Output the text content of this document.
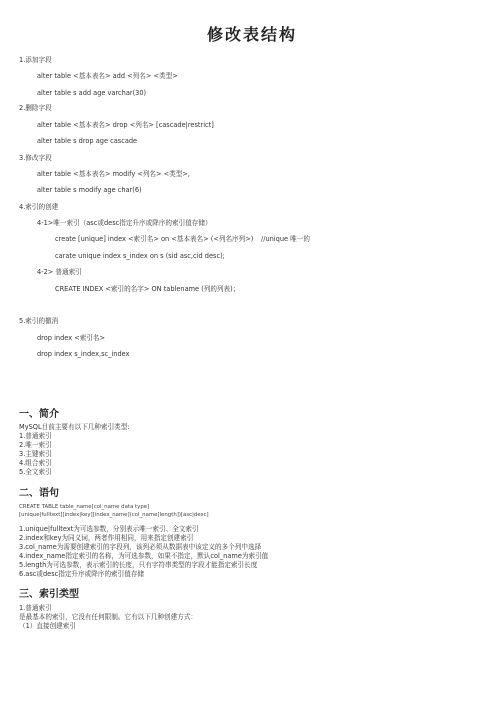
修改表结构
1.添加字段
alter table <基本表名> add <列名> <类型>
alter table s add age varchar(30)
2.删除字段
alter table <基本表名> drop <列名> [cascade|restrict]
alter table s drop age cascade
3.修改字段
alter table <基本表名> modify <列名> <类型>,
alter table s modify age char(6)
4.索引的创建
4-1>唯一索引（asc或desc指定升序或降序的索引值存储）
create [unique] index <索引名> on <基本表名> (<列名序列>) //unique 唯一的
carate unique index s_index on s (sid asc,cid desc);
4-2> 普通索引
CREATE INDEX <索引的名字> ON tablename (列的列表)；
5.索引的撤消
drop index <索引名>
drop index s_index,sc_index
一、简介
MySQL目前主要有以下几种索引类型:
1.普通索引
2.唯一索引
3.主键索引
4.组合索引
5.全文索引
二、语句
CREATE TABLE table_name[col_name data type]
[unique|fulltext][index|key][index_name](col_name[length])[asc|desc]
1.unique|fulltext为可选参数，分别表示唯一索引、全文索引
2.index和key为同义词，两者作用相同，用来指定创建索引
3.col_name为需要创建索引的字段列，该列必须从数据表中该定义的多个列中选择
4.index_name指定索引的名称，为可选参数，如果不指定，默认col_name为索引值
5.length为可选参数，表示索引的长度，只有字符串类型的字段才能指定索引长度
6.asc或desc指定升序或降序的索引值存储
三、索引类型
1.普通索引
是最基本的索引，它没有任何限制。它有以下几种创建方式：
（1）直接创建索引
